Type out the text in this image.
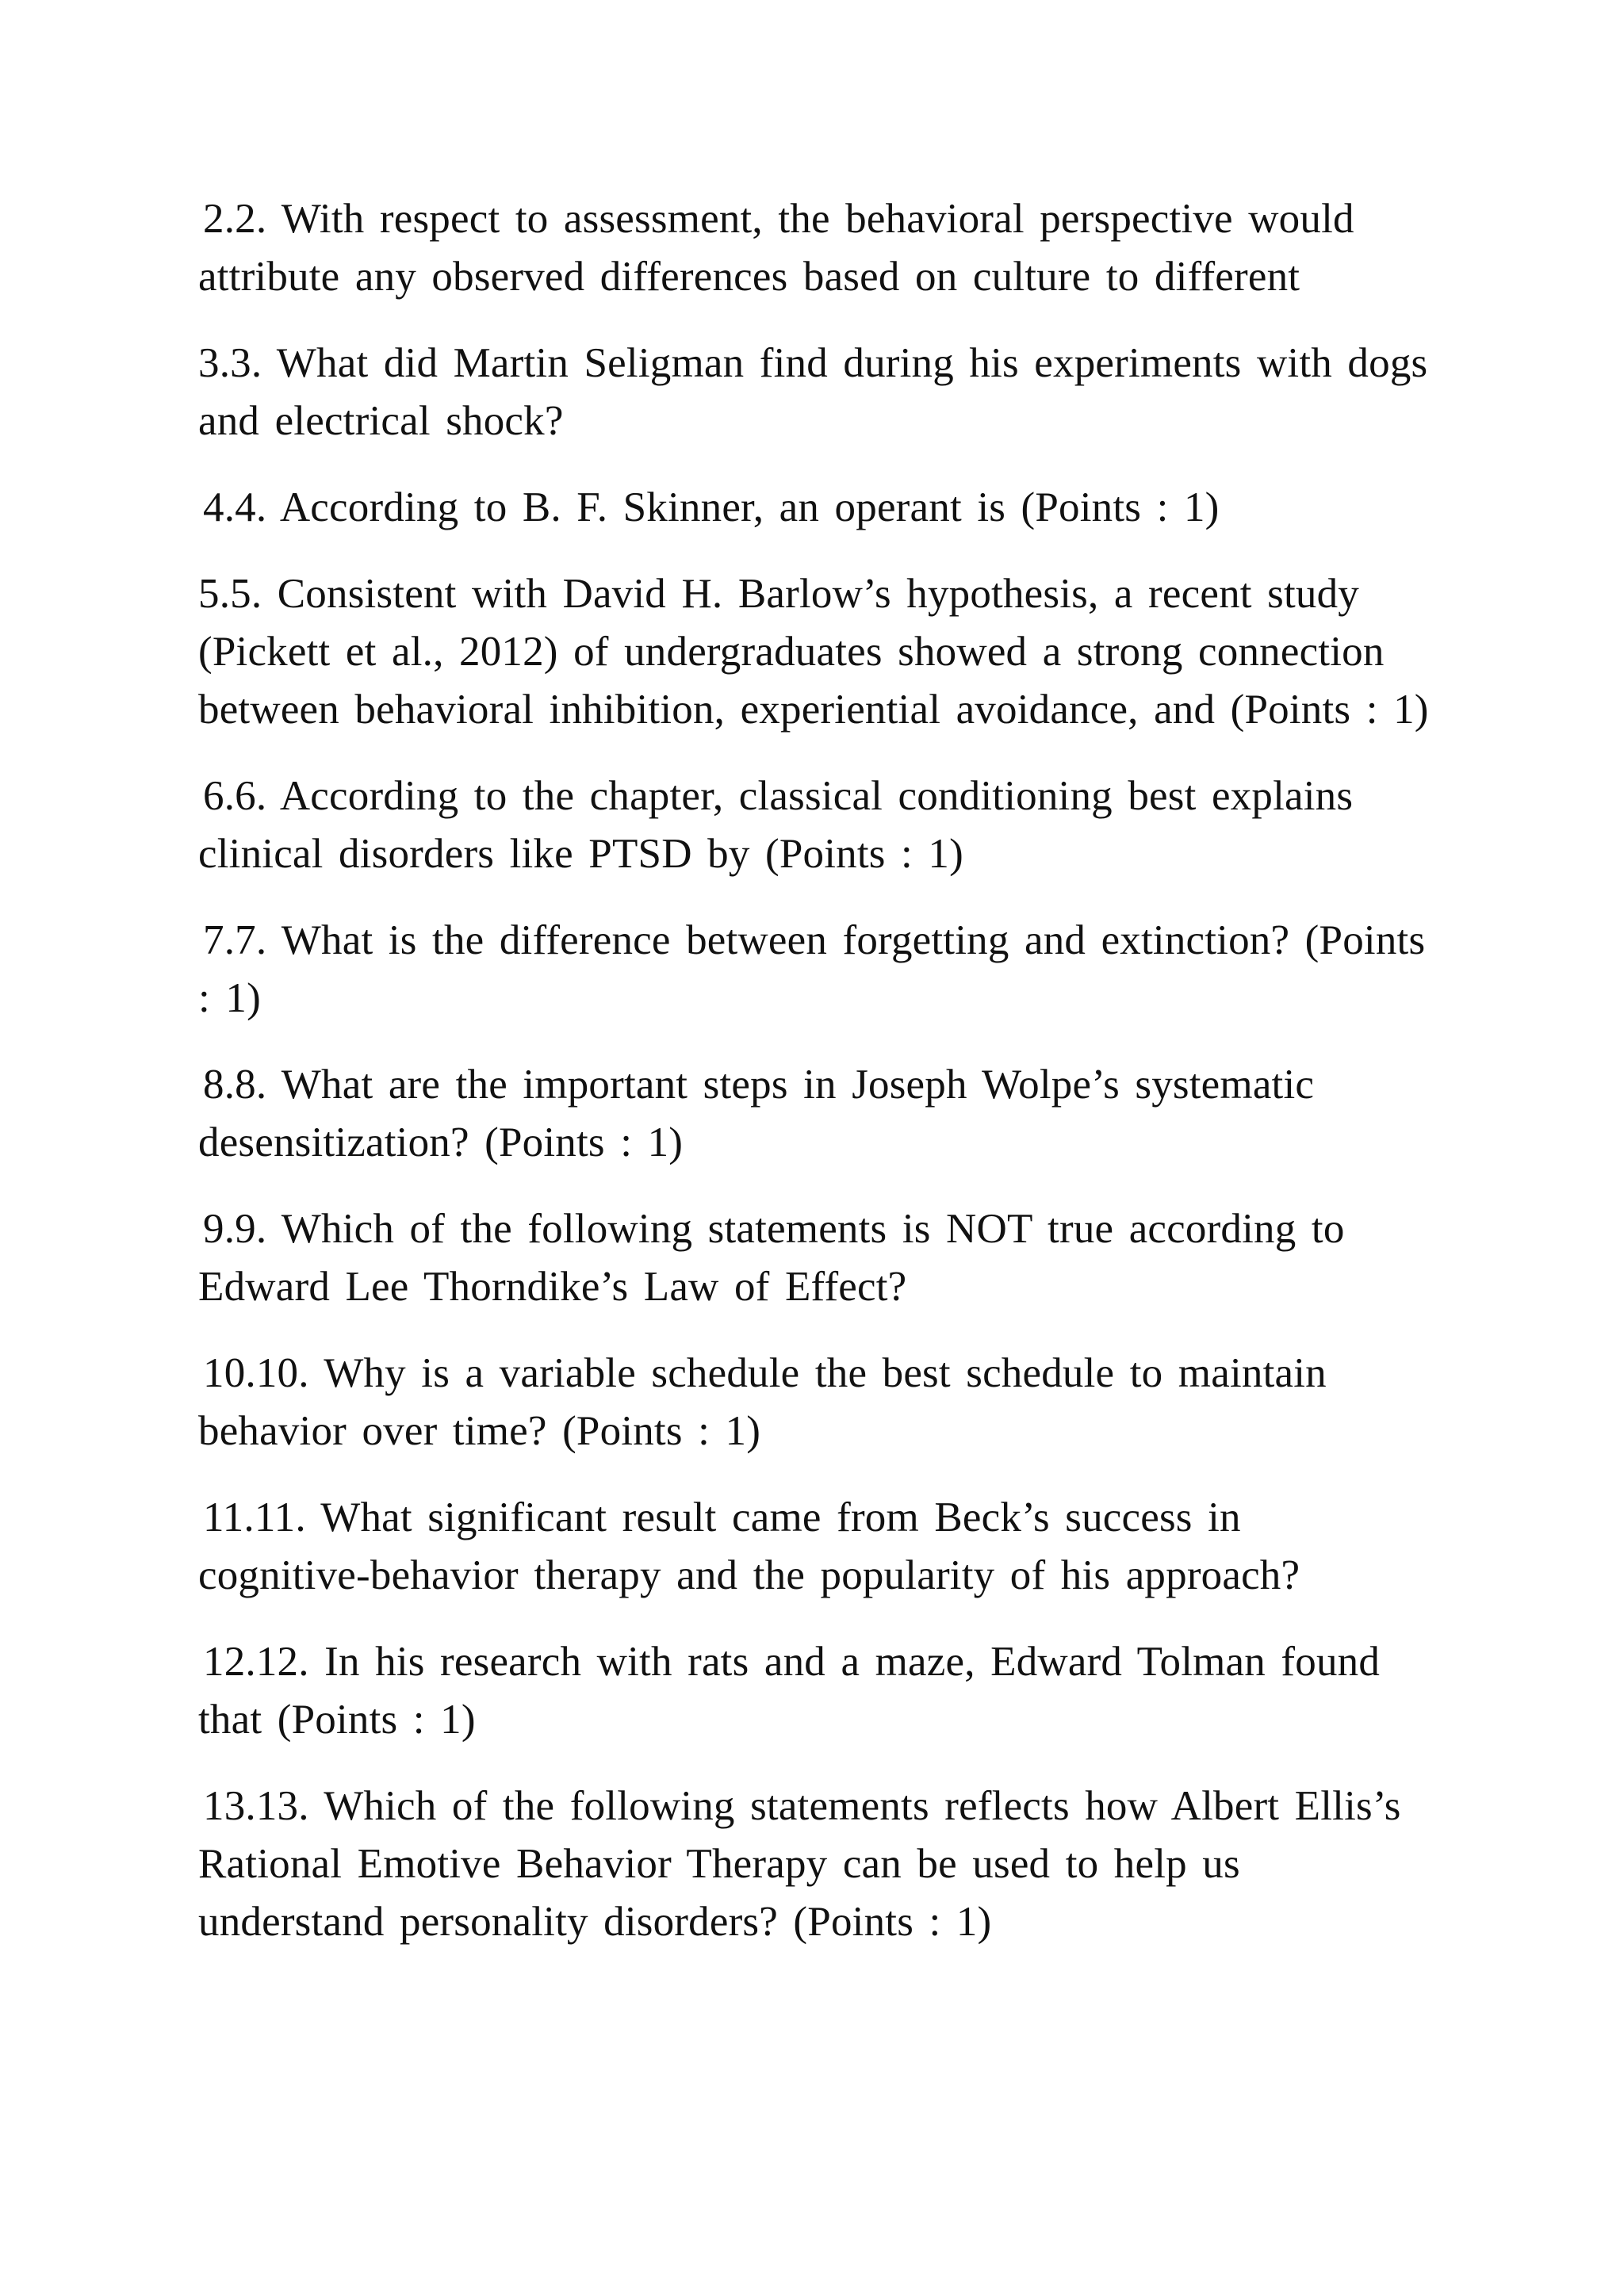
2.2. With respect to assessment, the behavioral perspective would
attribute any observed differences based on culture to different
3.3. What did Martin Seligman find during his experiments with dogs
and electrical shock?
4.4. According to B. F. Skinner, an operant is (Points : 1)
5.5. Consistent with David H. Barlow’s hypothesis, a recent study
(Pickett et al., 2012) of undergraduates showed a strong connection
between behavioral inhibition, experiential avoidance, and (Points : 1)
6.6. According to the chapter, classical conditioning best explains
clinical disorders like PTSD by (Points : 1)
7.7. What is the difference between forgetting and extinction? (Points
: 1)
8.8. What are the important steps in Joseph Wolpe’s systematic
desensitization? (Points : 1)
9.9. Which of the following statements is NOT true according to
Edward Lee Thorndike’s Law of Effect?
10.10. Why is a variable schedule the best schedule to maintain
behavior over time? (Points : 1)
11.11. What significant result came from Beck’s success in
cognitive-behavior therapy and the popularity of his approach?
12.12. In his research with rats and a maze, Edward Tolman found
that (Points : 1)
13.13. Which of the following statements reflects how Albert Ellis’s
Rational Emotive Behavior Therapy can be used to help us
understand personality disorders? (Points : 1)
